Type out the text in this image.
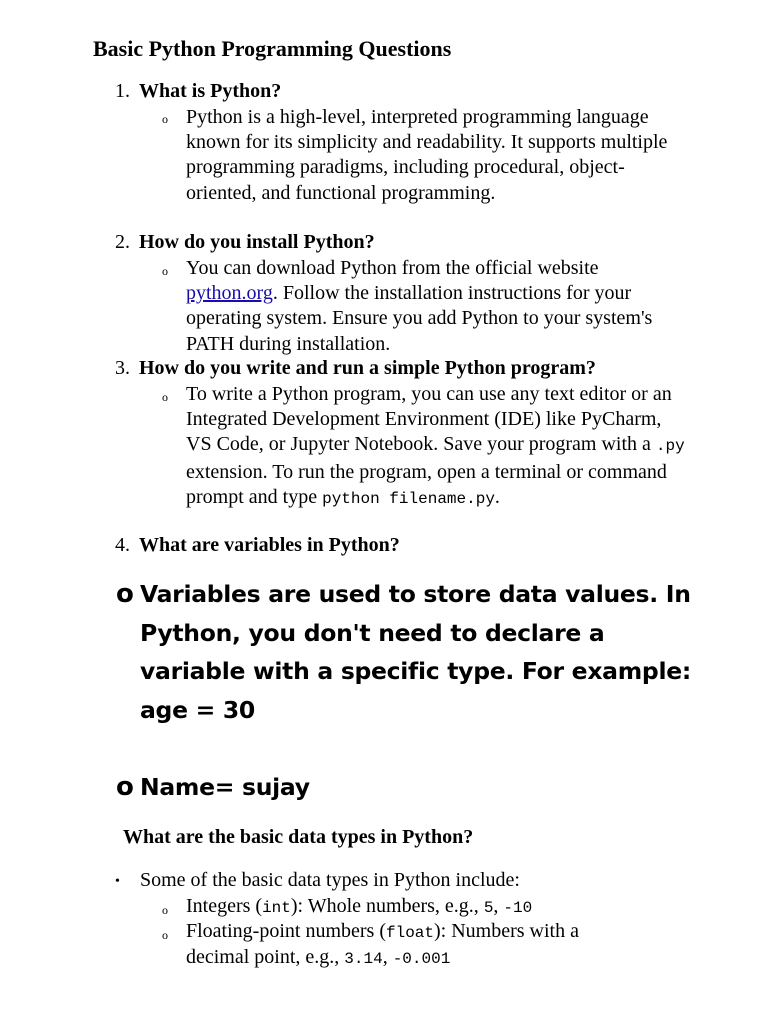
Basic Python Programming Questions
1. What is Python?
o Python is a high-level, interpreted programming language known for its simplicity and readability. It supports multiple programming paradigms, including procedural, object-oriented, and functional programming.
2. How do you install Python?
o You can download Python from the official website python.org. Follow the installation instructions for your operating system. Ensure you add Python to your system's PATH during installation.
3. How do you write and run a simple Python program?
o To write a Python program, you can use any text editor or an Integrated Development Environment (IDE) like PyCharm, VS Code, or Jupyter Notebook. Save your program with a .py extension. To run the program, open a terminal or command prompt and type python filename.py.
4. What are variables in Python?
o Variables are used to store data values. In Python, you don't need to declare a variable with a specific type. For example:
age = 30
o Name= sujay
What are the basic data types in Python?
• Some of the basic data types in Python include:
o Integers (int): Whole numbers, e.g., 5, -10
o Floating-point numbers (float): Numbers with a
decimal point, e.g., 3.14, -0.001
